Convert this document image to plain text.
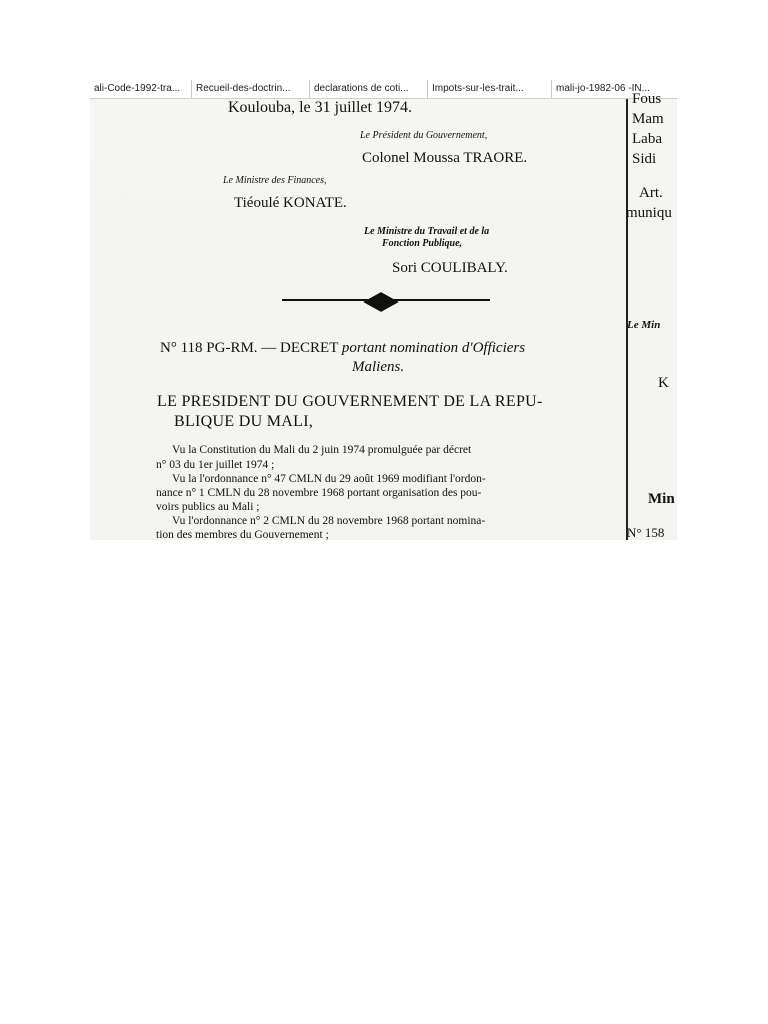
ali-Code-1992-tra...	Recueil-des-doctrin...	declarations de coti...	Impots-sur-les-trait...	mali-jo-1982-06 -IN...
Koulouba, le 31 juillet 1974.
Le Président du Gouvernement,
Colonel Moussa TRAORE.
Le Ministre des Finances,
Tiéoulé KONATE.
Le Ministre du Travail et de la
Fonction Publique,
Sori COULIBALY.
N° 118 PG-RM. — DECRET portant nomination d'Officiers
Maliens.
LE PRESIDENT DU GOUVERNEMENT DE LA REPU-
BLIQUE DU MALI,
Vu la Constitution du Mali du 2 juin 1974 promulguée par décret
n° 03 du 1er juillet 1974 ;
Vu la l'ordonnance n° 47 CMLN du 29 août 1969 modifiant l'ordon-
nance n° 1 CMLN du 28 novembre 1968 portant organisation des pou-
voirs publics au Mali ;
Vu l'ordonnance n° 2 CMLN du 28 novembre 1968 portant nomina-
tion des membres du Gouvernement ;
Fous
Mam
Laba
Sidi
Art.
muniqu
Le Min
K
Min
N° 158
